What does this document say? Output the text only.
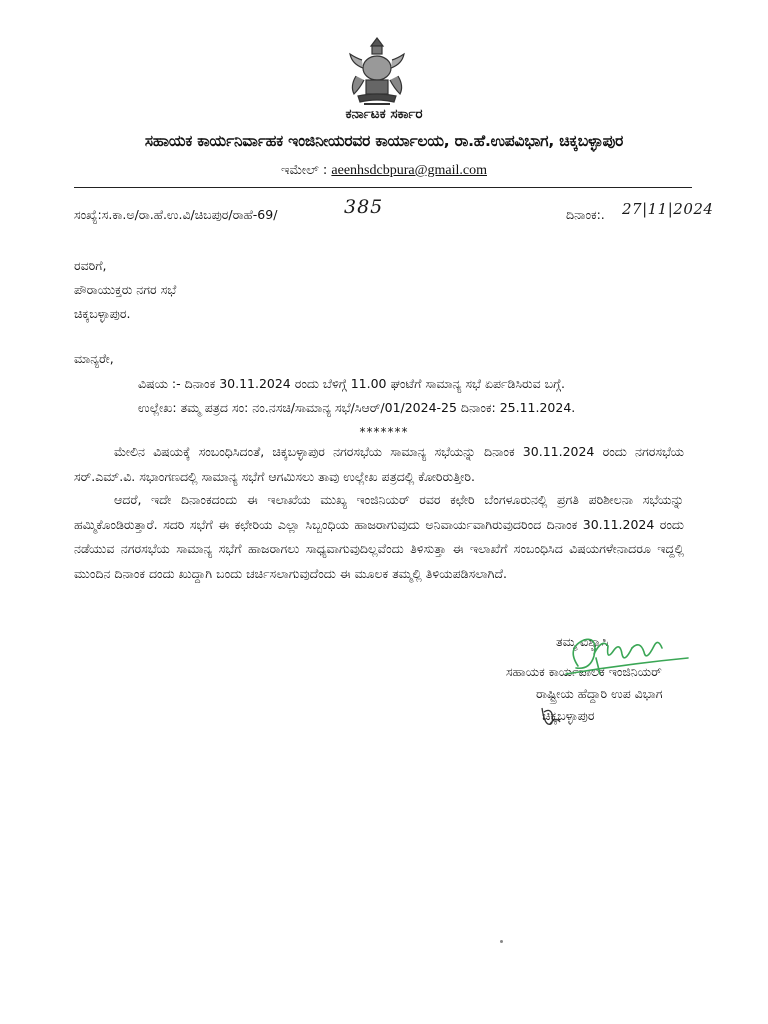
ಕರ್ನಾಟಕ ಸರ್ಕಾರ
ಸಹಾಯಕ ಕಾರ್ಯನಿರ್ವಾಹಕ ಇಂಜಿನೀಯರವರ ಕಾರ್ಯಾಲಯ, ರಾ.ಹೆ.ಉಪವಿಭಾಗ, ಚಿಕ್ಕಬಳ್ಳಾಪುರ
ಇಮೇಲ್ : aeenhsdcbpura@gmail.com
ಸಂಖ್ಯೆ:ಸ.ಕಾ.ಅ/ರಾ.ಹೆ.ಉ.ವಿ/ಚಿಬಪುರ/ರಾಹೆ-69/	385	ದಿನಾಂಕ:. 27|11|2024
ರವರಿಗೆ,
ಪೌರಾಯುಕ್ತರು ನಗರ ಸಭೆ
ಚಿಕ್ಕಬಳ್ಳಾಪುರ.
ಮಾನ್ಯರೇ,
ವಿಷಯ :- ದಿನಾಂಕ 30.11.2024 ರಂದು ಬೆಳಿಗ್ಗೆ 11.00 ಘಂಟೆಗೆ ಸಾಮಾನ್ಯ ಸಭೆ ಏರ್ಪಡಿಸಿರುವ ಬಗ್ಗೆ.
ಉಲ್ಲೇಖ: ತಮ್ಮ ಪತ್ರದ ಸಂ: ನಂ.ನಸಚಿ/ಸಾಮಾನ್ಯ ಸಭೆ/ಸಿಆರ್/01/2024-25 ದಿನಾಂಕ: 25.11.2024.
*******
ಮೇಲಿನ ವಿಷಯಕ್ಕೆ ಸಂಬಂಧಿಸಿದಂತೆ, ಚಿಕ್ಕಬಳ್ಳಾಪುರ ನಗರಸಭೆಯ ಸಾಮಾನ್ಯ ಸಭೆಯನ್ನು ದಿನಾಂಕ 30.11.2024 ರಂದು ನಗರಸಭೆಯ ಸರ್.ಎಮ್.ವಿ. ಸಭಾಂಗಣದಲ್ಲಿ ಸಾಮಾನ್ಯ ಸಭೆಗೆ ಆಗಮಿಸಲು ತಾವು ಉಲ್ಲೇಖ ಪತ್ರದಲ್ಲಿ ಕೋರಿರುತ್ತೀರಿ.
ಆದರೆ, ಇದೇ ದಿನಾಂಕದಂದು ಈ ಇಲಾಖೆಯ ಮುಖ್ಯ ಇಂಜಿನಿಯರ್ ರವರ ಕಛೇರಿ ಬೆಂಗಳೂರುನಲ್ಲಿ ಪ್ರಗತಿ ಪರಿಶೀಲನಾ ಸಭೆಯನ್ನು ಹಮ್ಮಿಕೊಂಡಿರುತ್ತಾರೆ. ಸದರಿ ಸಭೆಗೆ ಈ ಕಛೇರಿಯ ಎಲ್ಲಾ ಸಿಬ್ಬಂಧಿಯ ಹಾಜರಾಗುವುದು ಅನಿವಾರ್ಯವಾಗಿರುವುದರಿಂದ ದಿನಾಂಕ 30.11.2024 ರಂದು ನಡೆಯುವ ನಗರಸಭೆಯ ಸಾಮಾನ್ಯ ಸಭೆಗೆ ಹಾಜರಾಗಲು ಸಾಧ್ಯವಾಗುವುದಿಲ್ಲವೆಂದು ತಿಳಿಸುತ್ತಾ ಈ ಇಲಾಖೆಗೆ ಸಂಬಂಧಿಸಿದ ವಿಷಯಗಳೇನಾದರೂ ಇದ್ದಲ್ಲಿ ಮುಂದಿನ ದಿನಾಂಕ ದಂದು ಖುದ್ದಾಗಿ ಬಂದು ಚರ್ಚಿಸಲಾಗುವುದೆಂದು ಈ ಮೂಲಕ ತಮ್ಮಲ್ಲಿ ತಿಳಿಯಪಡಿಸಲಾಗಿದೆ.
ತಮ್ಮ ವಿಶ್ವಾಸಿ
ಸಹಾಯಕ ಕಾರ್ಯಪಾಲಕ ಇಂಜಿನಿಯರ್
ರಾಷ್ಟ್ರೀಯ ಹೆದ್ದಾರಿ ಉಪ ವಿಭಾಗ
ಚಿಕ್ಕಬಳ್ಳಾಪುರ
